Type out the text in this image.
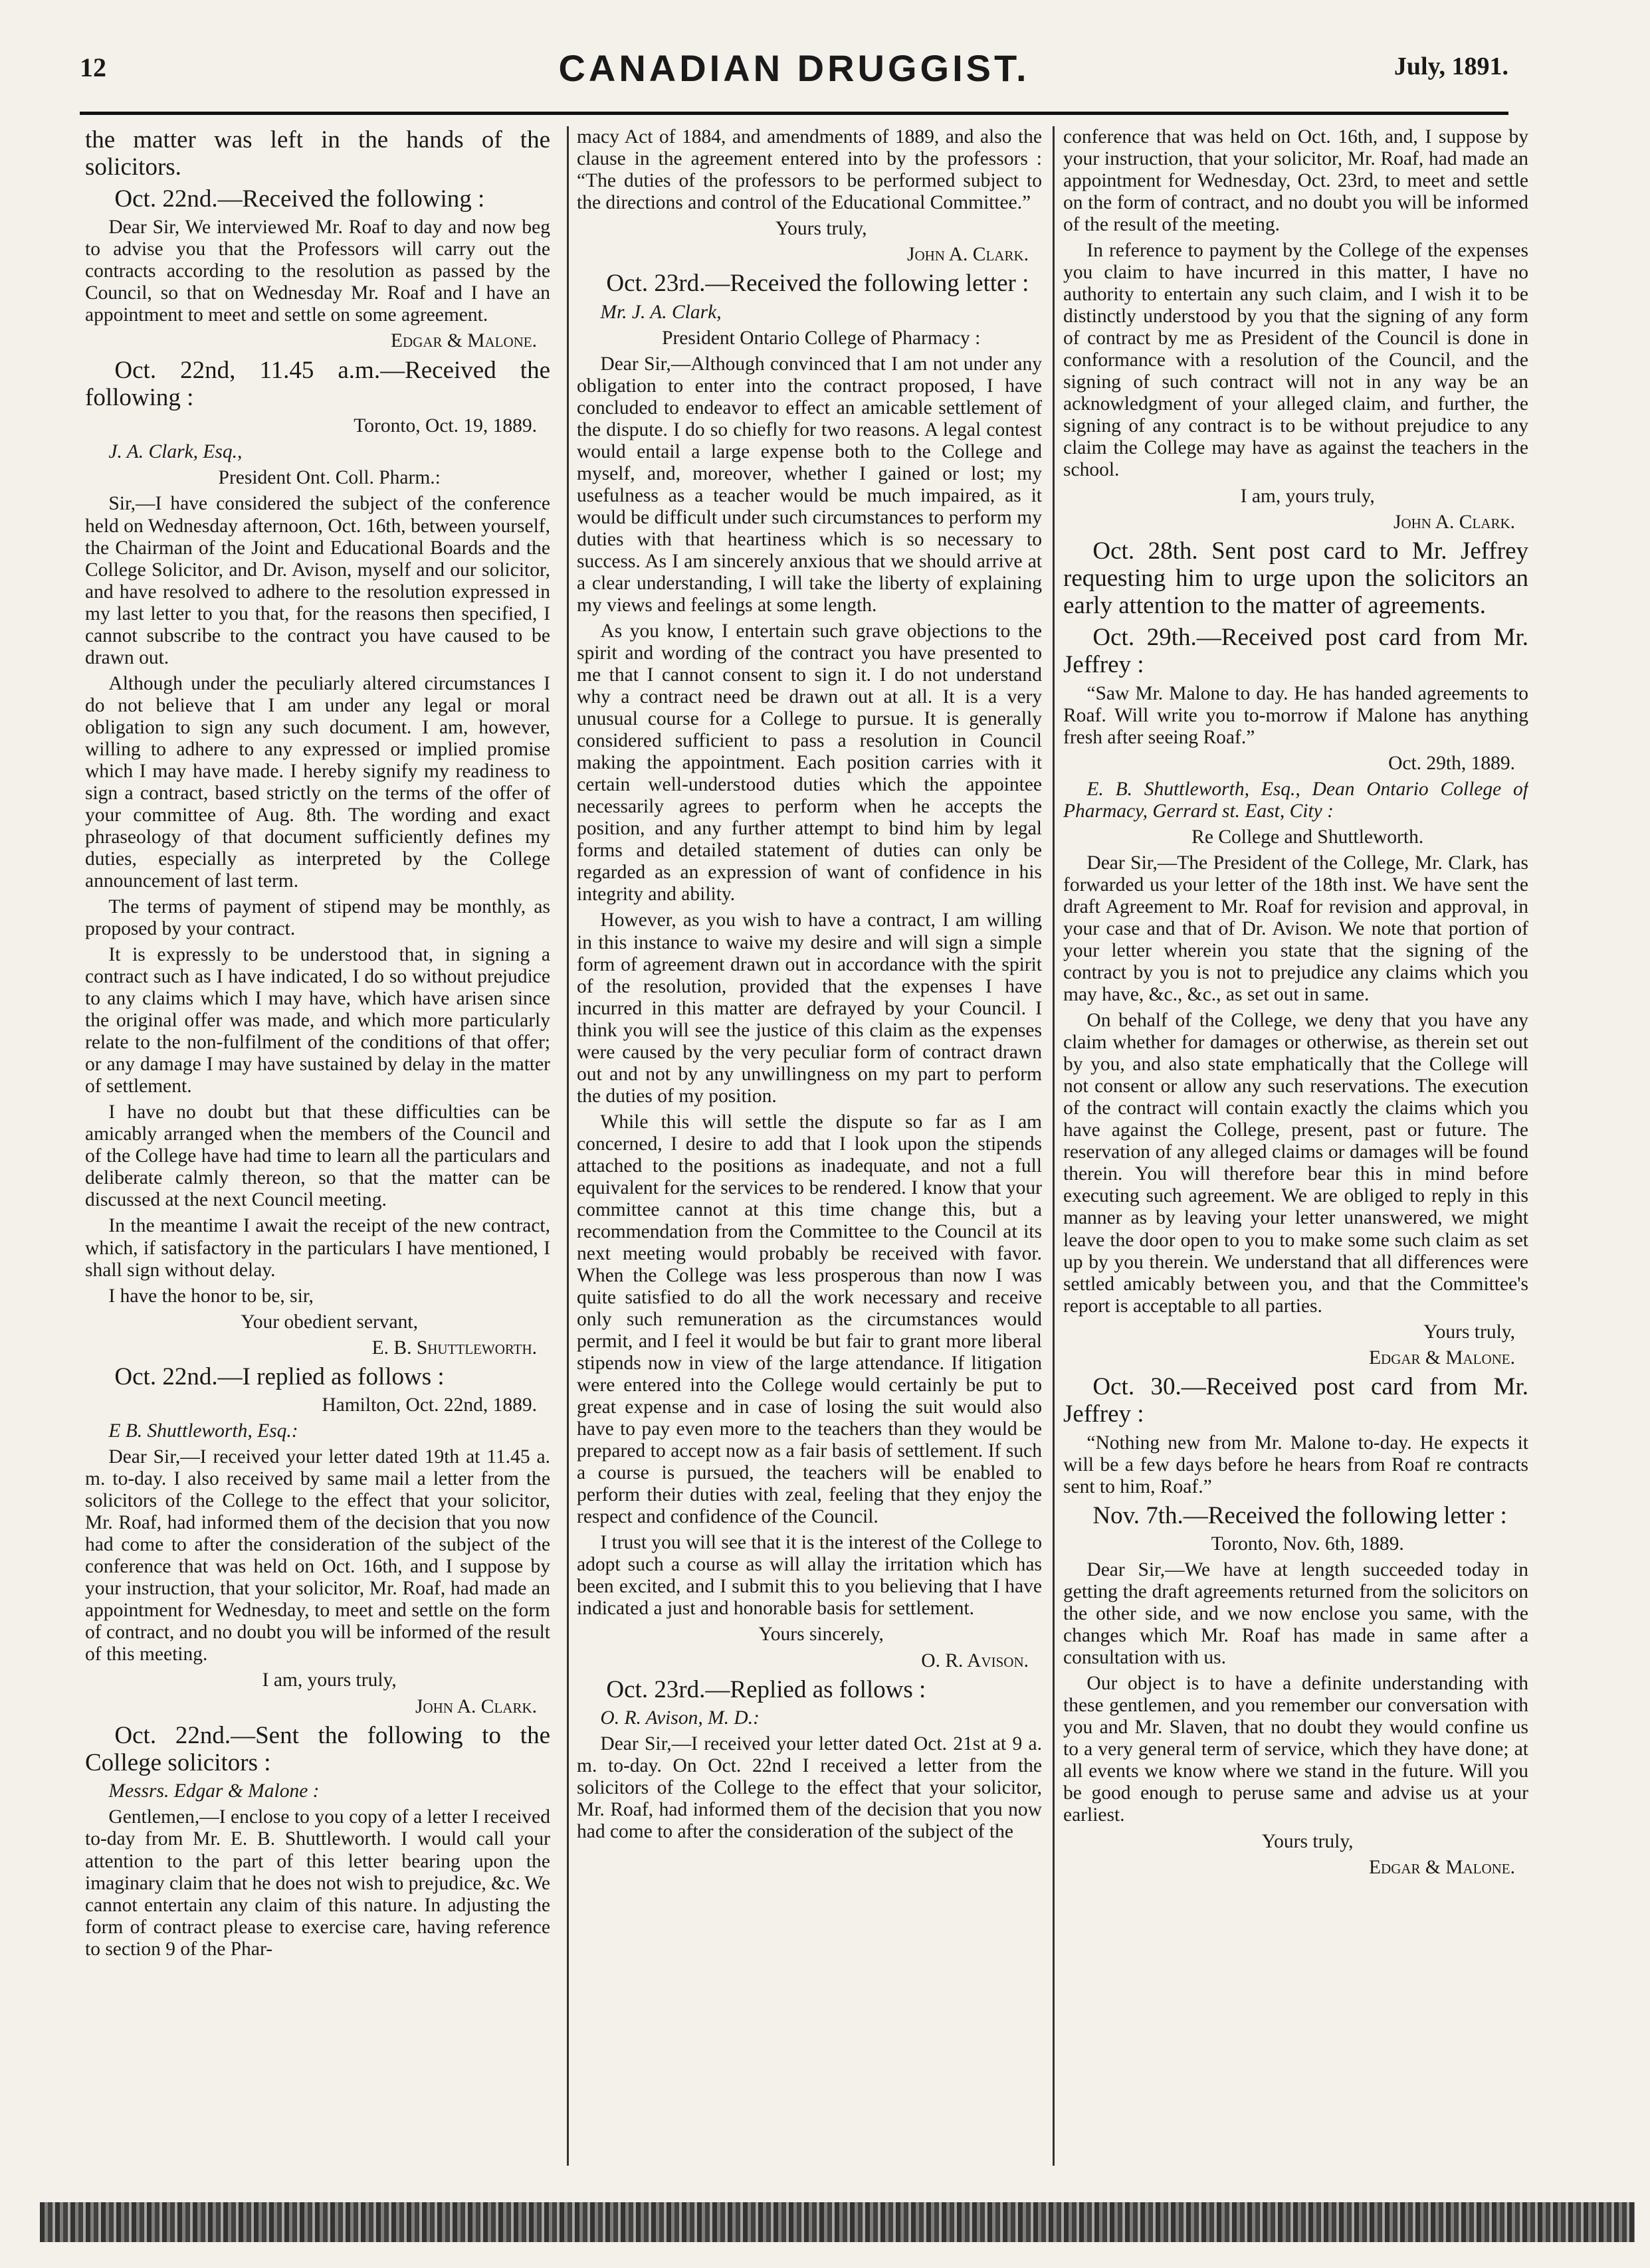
12	CANADIAN DRUGGIST.	July, 1891.

the matter was left in the hands of the solicitors.

Oct. 22nd.—Received the following :

Dear Sir, We interviewed Mr. Roaf to day and now beg to advise you that the Professors will carry out the contracts according to the resolution as passed by the Council, so that on Wednesday Mr. Roaf and I have an appointment to meet and settle on some agreement.

Edgar & Malone.

Oct. 22nd, 11.45 a.m.—Received the following :

Toronto, Oct. 19, 1889.

J. A. Clark, Esq.,

President Ont. Coll. Pharm.:

Sir,—I have considered the subject of the conference held on Wednesday afternoon, Oct. 16th, between yourself, the Chairman of the Joint and Educational Boards and the College Solicitor, and Dr. Avison, myself and our solicitor, and have resolved to adhere to the resolution expressed in my last letter to you that, for the reasons then specified, I cannot subscribe to the contract you have caused to be drawn out.

Although under the peculiarly altered circumstances I do not believe that I am under any legal or moral obligation to sign any such document. I am, however, willing to adhere to any expressed or implied promise which I may have made. I hereby signify my readiness to sign a contract, based strictly on the terms of the offer of your committee of Aug. 8th. The wording and exact phraseology of that document sufficiently defines my duties, especially as interpreted by the College announcement of last term.

The terms of payment of stipend may be monthly, as proposed by your contract.

It is expressly to be understood that, in signing a contract such as I have indicated, I do so without prejudice to any claims which I may have, which have arisen since the original offer was made, and which more particularly relate to the non-fulfilment of the conditions of that offer; or any damage I may have sustained by delay in the matter of settlement.

I have no doubt but that these difficulties can be amicably arranged when the members of the Council and of the College have had time to learn all the particulars and deliberate calmly thereon, so that the matter can be discussed at the next Council meeting.

In the meantime I await the receipt of the new contract, which, if satisfactory in the particulars I have mentioned, I shall sign without delay.

I have the honor to be, sir,

Your obedient servant,

E. B. Shuttleworth.

Oct. 22nd.—I replied as follows :

Hamilton, Oct. 22nd, 1889.

E B. Shuttleworth, Esq.:

Dear Sir,—I received your letter dated 19th at 11.45 a. m. to-day. I also received by same mail a letter from the solicitors of the College to the effect that your solicitor, Mr. Roaf, had informed them of the decision that you now had come to after the consideration of the subject of the conference that was held on Oct. 16th, and I suppose by your instruction, that your solicitor, Mr. Roaf, had made an appointment for Wednesday, to meet and settle on the form of contract, and no doubt you will be informed of the result of this meeting.

I am, yours truly,

John A. Clark.

Oct. 22nd.—Sent the following to the College solicitors :

Messrs. Edgar & Malone :

Gentlemen,—I enclose to you copy of a letter I received to-day from Mr. E. B. Shuttleworth. I would call your attention to the part of this letter bearing upon the imaginary claim that he does not wish to prejudice, &c. We cannot entertain any claim of this nature. In adjusting the form of contract please to exercise care, having reference to section 9 of the Phar-

macy Act of 1884, and amendments of 1889, and also the clause in the agreement entered into by the professors : “The duties of the professors to be performed subject to the directions and control of the Educational Committee.”

Yours truly,

John A. Clark.

Oct. 23rd.—Received the following letter :

Mr. J. A. Clark,

President Ontario College of Pharmacy :

Dear Sir,—Although convinced that I am not under any obligation to enter into the contract proposed, I have concluded to endeavor to effect an amicable settlement of the dispute. I do so chiefly for two reasons. A legal contest would entail a large expense both to the College and myself, and, moreover, whether I gained or lost; my usefulness as a teacher would be much impaired, as it would be difficult under such circumstances to perform my duties with that heartiness which is so necessary to success. As I am sincerely anxious that we should arrive at a clear understanding, I will take the liberty of explaining my views and feelings at some length.

As you know, I entertain such grave objections to the spirit and wording of the contract you have presented to me that I cannot consent to sign it. I do not understand why a contract need be drawn out at all. It is a very unusual course for a College to pursue. It is generally considered sufficient to pass a resolution in Council making the appointment. Each position carries with it certain well-understood duties which the appointee necessarily agrees to perform when he accepts the position, and any further attempt to bind him by legal forms and detailed statement of duties can only be regarded as an expression of want of confidence in his integrity and ability.

However, as you wish to have a contract, I am willing in this instance to waive my desire and will sign a simple form of agreement drawn out in accordance with the spirit of the resolution, provided that the expenses I have incurred in this matter are defrayed by your Council. I think you will see the justice of this claim as the expenses were caused by the very peculiar form of contract drawn out and not by any unwillingness on my part to perform the duties of my position.

While this will settle the dispute so far as I am concerned, I desire to add that I look upon the stipends attached to the positions as inadequate, and not a full equivalent for the services to be rendered. I know that your committee cannot at this time change this, but a recommendation from the Committee to the Council at its next meeting would probably be received with favor. When the College was less prosperous than now I was quite satisfied to do all the work necessary and receive only such remuneration as the circumstances would permit, and I feel it would be but fair to grant more liberal stipends now in view of the large attendance. If litigation were entered into the College would certainly be put to great expense and in case of losing the suit would also have to pay even more to the teachers than they would be prepared to accept now as a fair basis of settlement. If such a course is pursued, the teachers will be enabled to perform their duties with zeal, feeling that they enjoy the respect and confidence of the Council.

I trust you will see that it is the interest of the College to adopt such a course as will allay the irritation which has been excited, and I submit this to you believing that I have indicated a just and honorable basis for settlement.

Yours sincerely,

O. R. Avison.

Oct. 23rd.—Replied as follows :

O. R. Avison, M. D.:

Dear Sir,—I received your letter dated Oct. 21st at 9 a. m. to-day. On Oct. 22nd I received a letter from the solicitors of the College to the effect that your solicitor, Mr. Roaf, had informed them of the decision that you now had come to after the consideration of the subject of the

conference that was held on Oct. 16th, and, I suppose by your instruction, that your solicitor, Mr. Roaf, had made an appointment for Wednesday, Oct. 23rd, to meet and settle on the form of contract, and no doubt you will be informed of the result of the meeting.

In reference to payment by the College of the expenses you claim to have incurred in this matter, I have no authority to entertain any such claim, and I wish it to be distinctly understood by you that the signing of any form of contract by me as President of the Council is done in conformance with a resolution of the Council, and the signing of such contract will not in any way be an acknowledgment of your alleged claim, and further, the signing of any contract is to be without prejudice to any claim the College may have as against the teachers in the school.

I am, yours truly,

John A. Clark.

Oct. 28th. Sent post card to Mr. Jeffrey requesting him to urge upon the solicitors an early attention to the matter of agreements.

Oct. 29th.—Received post card from Mr. Jeffrey :

“Saw Mr. Malone to day. He has handed agreements to Roaf. Will write you to-morrow if Malone has anything fresh after seeing Roaf.”

Oct. 29th, 1889.

E. B. Shuttleworth, Esq., Dean Ontario College of Pharmacy, Gerrard st. East, City :

Re College and Shuttleworth.

Dear Sir,—The President of the College, Mr. Clark, has forwarded us your letter of the 18th inst. We have sent the draft Agreement to Mr. Roaf for revision and approval, in your case and that of Dr. Avison. We note that portion of your letter wherein you state that the signing of the contract by you is not to prejudice any claims which you may have, &c., &c., as set out in same.

On behalf of the College, we deny that you have any claim whether for damages or otherwise, as therein set out by you, and also state emphatically that the College will not consent or allow any such reservations. The execution of the contract will contain exactly the claims which you have against the College, present, past or future. The reservation of any alleged claims or damages will be found therein. You will therefore bear this in mind before executing such agreement. We are obliged to reply in this manner as by leaving your letter unanswered, we might leave the door open to you to make some such claim as set up by you therein. We understand that all differences were settled amicably between you, and that the Committee's report is acceptable to all parties.

Yours truly,

Edgar & Malone.

Oct. 30.—Received post card from Mr. Jeffrey :

“Nothing new from Mr. Malone to-day. He expects it will be a few days before he hears from Roaf re contracts sent to him, Roaf.”

Nov. 7th.—Received the following letter :

Toronto, Nov. 6th, 1889.

Dear Sir,—We have at length succeeded today in getting the draft agreements returned from the solicitors on the other side, and we now enclose you same, with the changes which Mr. Roaf has made in same after a consultation with us.

Our object is to have a definite understanding with these gentlemen, and you remember our conversation with you and Mr. Slaven, that no doubt they would confine us to a very general term of service, which they have done; at all events we know where we stand in the future. Will you be good enough to peruse same and advise us at your earliest.

Yours truly,

Edgar & Malone.
